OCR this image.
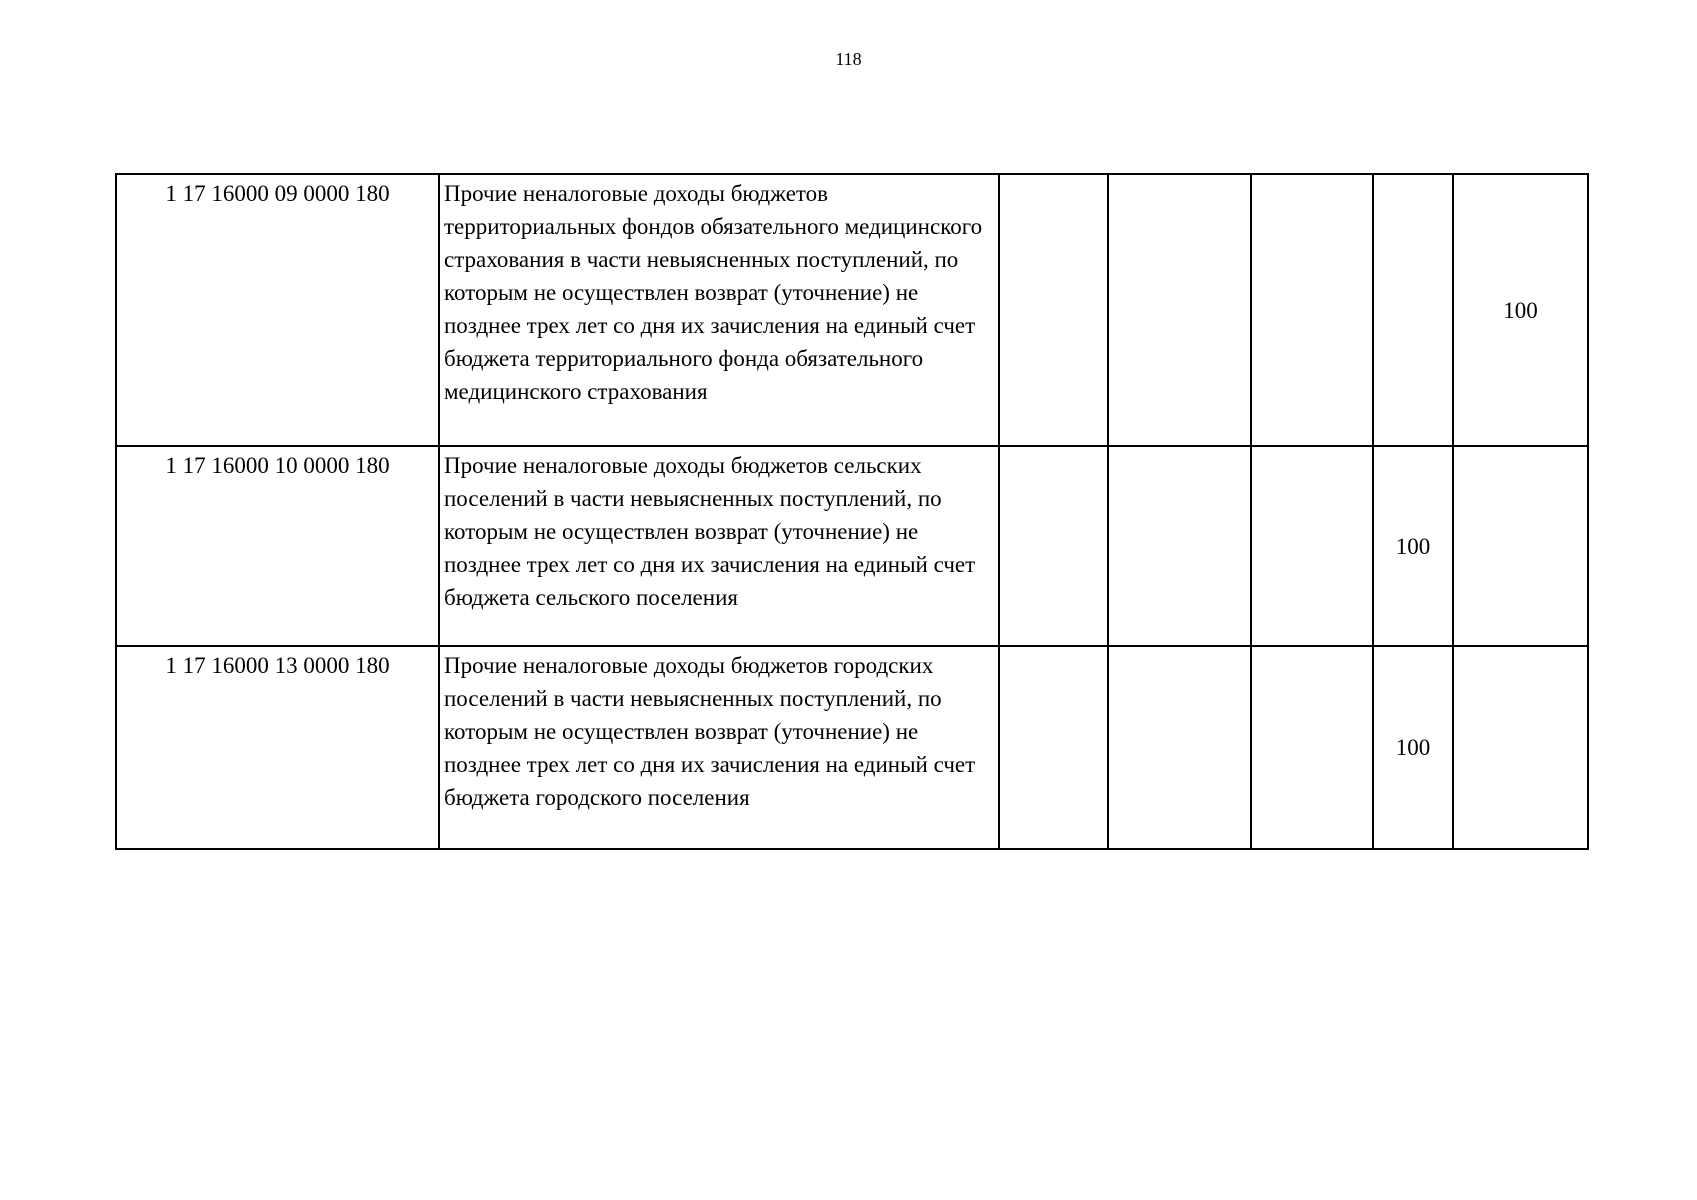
118
1 17 16000 09 0000 180	Прочие неналоговые доходы бюджетов территориальных фондов обязательного медицинского страхования в части невыясненных поступлений, по которым не осуществлен возврат (уточнение) не позднее трех лет со дня их зачисления на единый счет бюджета территориального фонда обязательного медицинского страхования					100
1 17 16000 10 0000 180	Прочие неналоговые доходы бюджетов сельских поселений в части невыясненных поступлений, по которым не осуществлен возврат (уточнение) не позднее трех лет со дня их зачисления на единый счет бюджета сельского поселения				100	
1 17 16000 13 0000 180	Прочие неналоговые доходы бюджетов городских поселений в части невыясненных поступлений, по которым не осуществлен возврат (уточнение) не позднее трех лет со дня их зачисления на единый счет бюджета городского поселения				100	
